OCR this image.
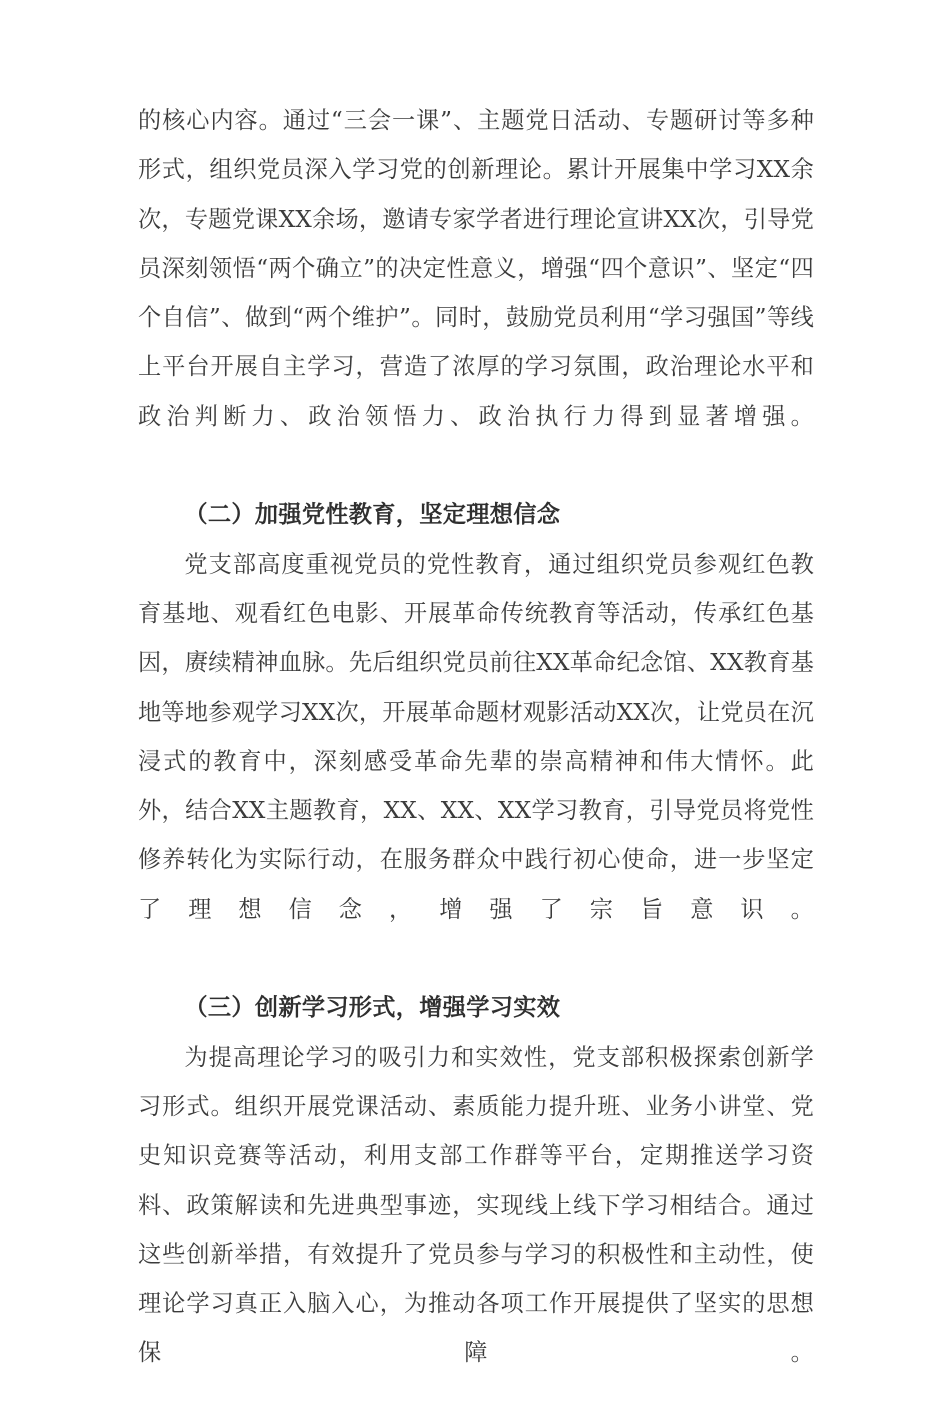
的核心内容。通过“三会一课”、主题党日活动、专题研讨等多种形式，组织党员深入学习党的创新理论。累计开展集中学习XX余次，专题党课XX余场，邀请专家学者进行理论宣讲XX次，引导党员深刻领悟“两个确立”的决定性意义，增强“四个意识”、坚定“四个自信”、做到“两个维护”。同时，鼓励党员利用“学习强国”等线上平台开展自主学习，营造了浓厚的学习氛围，政治理论水平和政治判断力、政治领悟力、政治执行力得到显著增强。

（二）加强党性教育，坚定理想信念

党支部高度重视党员的党性教育，通过组织党员参观红色教育基地、观看红色电影、开展革命传统教育等活动，传承红色基因，赓续精神血脉。先后组织党员前往XX革命纪念馆、XX教育基地等地参观学习XX次，开展革命题材观影活动XX次，让党员在沉浸式的教育中，深刻感受革命先辈的崇高精神和伟大情怀。此外，结合XX主题教育，XX、XX、XX学习教育，引导党员将党性修养转化为实际行动，在服务群众中践行初心使命，进一步坚定了理想信念，增强了宗旨意识。

（三）创新学习形式，增强学习实效

为提高理论学习的吸引力和实效性，党支部积极探索创新学习形式。组织开展党课活动、素质能力提升班、业务小讲堂、党史知识竞赛等活动，利用支部工作群等平台，定期推送学习资料、政策解读和先进典型事迹，实现线上线下学习相结合。通过这些创新举措，有效提升了党员参与学习的积极性和主动性，使理论学习真正入脑入心，为推动各项工作开展提供了坚实的思想保障。
